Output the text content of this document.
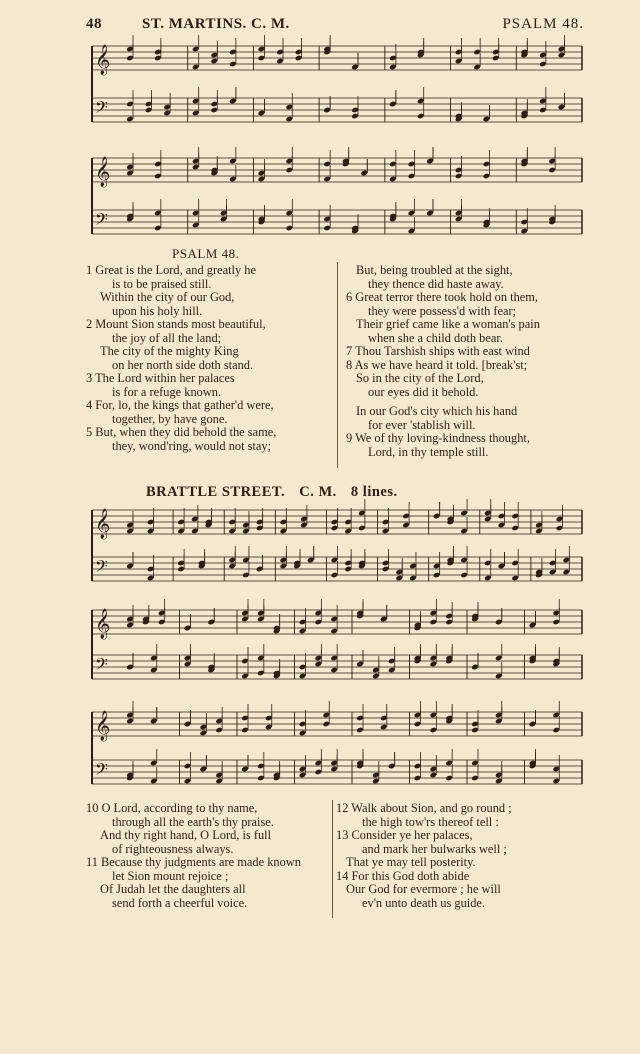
48	ST. MARTINS. C. M.	PSALM 48.
𝄞
𝄢
𝄞
𝄢
𝄞
𝄢
𝄞
𝄢
𝄞
𝄢
PSALM 48.
1 Great is the Lord, and greatly he
is to be praised still.
Within the city of our God,
upon his holy hill.
2 Mount Sion stands most beautiful,
the joy of all the land;
The city of the mighty King
on her north side doth stand.
3 The Lord within her palaces
is for a refuge known.
4 For, lo, the kings that gather'd were,
together, by have gone.
5 But, when they did behold the same,
they, wond'ring, would not stay;
But, being troubled at the sight,
they thence did haste away.
6 Great terror there took hold on them,
they were possess'd with fear;
Their grief came like a woman's pain
when she a child doth bear.
7 Thou Tarshish ships with east wind
8 As we have heard it told. [break'st;
So in the city of the Lord,
our eyes did it behold.
In our God's city which his hand
for ever 'stablish will.
9 We of thy loving-kindness thought,
Lord, in thy temple still.
BRATTLE STREET. C. M. 8 lines.
10 O Lord, according to thy name,
through all the earth's thy praise.
And thy right hand, O Lord, is full
of righteousness always.
11 Because thy judgments are made known
let Sion mount rejoice ;
Of Judah let the daughters all
send forth a cheerful voice.
12 Walk about Sion, and go round ;
the high tow'rs thereof tell :
13 Consider ye her palaces,
and mark her bulwarks well ;
That ye may tell posterity.
14 For this God doth abide
Our God for evermore ; he will
ev'n unto death us guide.
